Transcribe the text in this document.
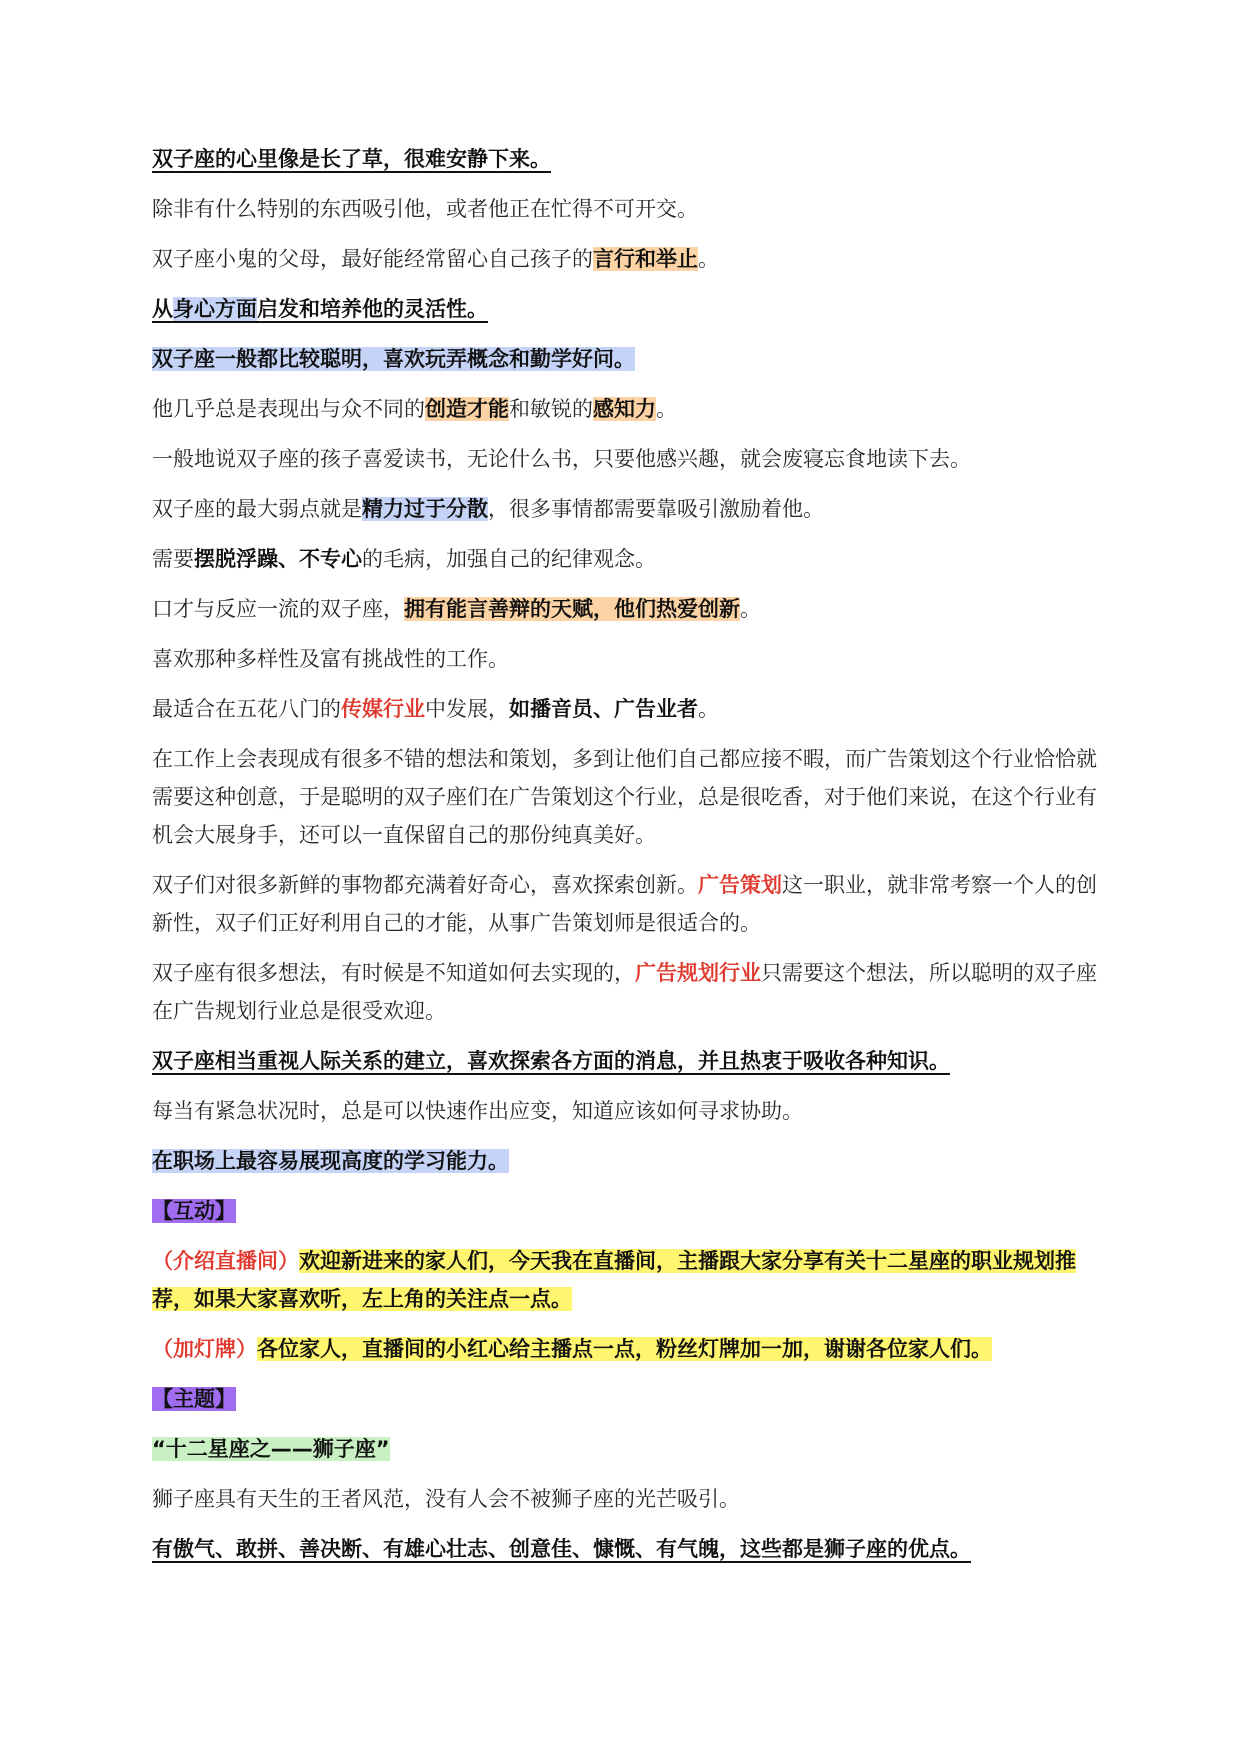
双子座的心里像是长了草，很难安静下来。

除非有什么特别的东西吸引他，或者他正在忙得不可开交。

双子座小鬼的父母，最好能经常留心自己孩子的言行和举止。

从身心方面启发和培养他的灵活性。

双子座一般都比较聪明，喜欢玩弄概念和勤学好问。

他几乎总是表现出与众不同的创造才能和敏锐的感知力。

一般地说双子座的孩子喜爱读书，无论什么书，只要他感兴趣，就会废寝忘食地读下去。

双子座的最大弱点就是精力过于分散，很多事情都需要靠吸引激励着他。

需要摆脱浮躁、不专心的毛病，加强自己的纪律观念。

口才与反应一流的双子座，拥有能言善辩的天赋，他们热爱创新。

喜欢那种多样性及富有挑战性的工作。

最适合在五花八门的传媒行业中发展，如播音员、广告业者。

在工作上会表现成有很多不错的想法和策划，多到让他们自己都应接不暇，而广告策划这个行业恰恰就需要这种创意，于是聪明的双子座们在广告策划这个行业，总是很吃香，对于他们来说，在这个行业有机会大展身手，还可以一直保留自己的那份纯真美好。

双子们对很多新鲜的事物都充满着好奇心，喜欢探索创新。广告策划这一职业，就非常考察一个人的创新性，双子们正好利用自己的才能，从事广告策划师是很适合的。

双子座有很多想法，有时候是不知道如何去实现的，广告规划行业只需要这个想法，所以聪明的双子座在广告规划行业总是很受欢迎。

双子座相当重视人际关系的建立，喜欢探索各方面的消息，并且热衷于吸收各种知识。

每当有紧急状况时，总是可以快速作出应变，知道应该如何寻求协助。

在职场上最容易展现高度的学习能力。

【互动】

（介绍直播间）欢迎新进来的家人们，今天我在直播间，主播跟大家分享有关十二星座的职业规划推荐，如果大家喜欢听，左上角的关注点一点。

（加灯牌）各位家人，直播间的小红心给主播点一点，粉丝灯牌加一加，谢谢各位家人们。

【主题】

“十二星座之——狮子座”

狮子座具有天生的王者风范，没有人会不被狮子座的光芒吸引。

有傲气、敢拼、善决断、有雄心壮志、创意佳、慷慨、有气魄，这些都是狮子座的优点。
